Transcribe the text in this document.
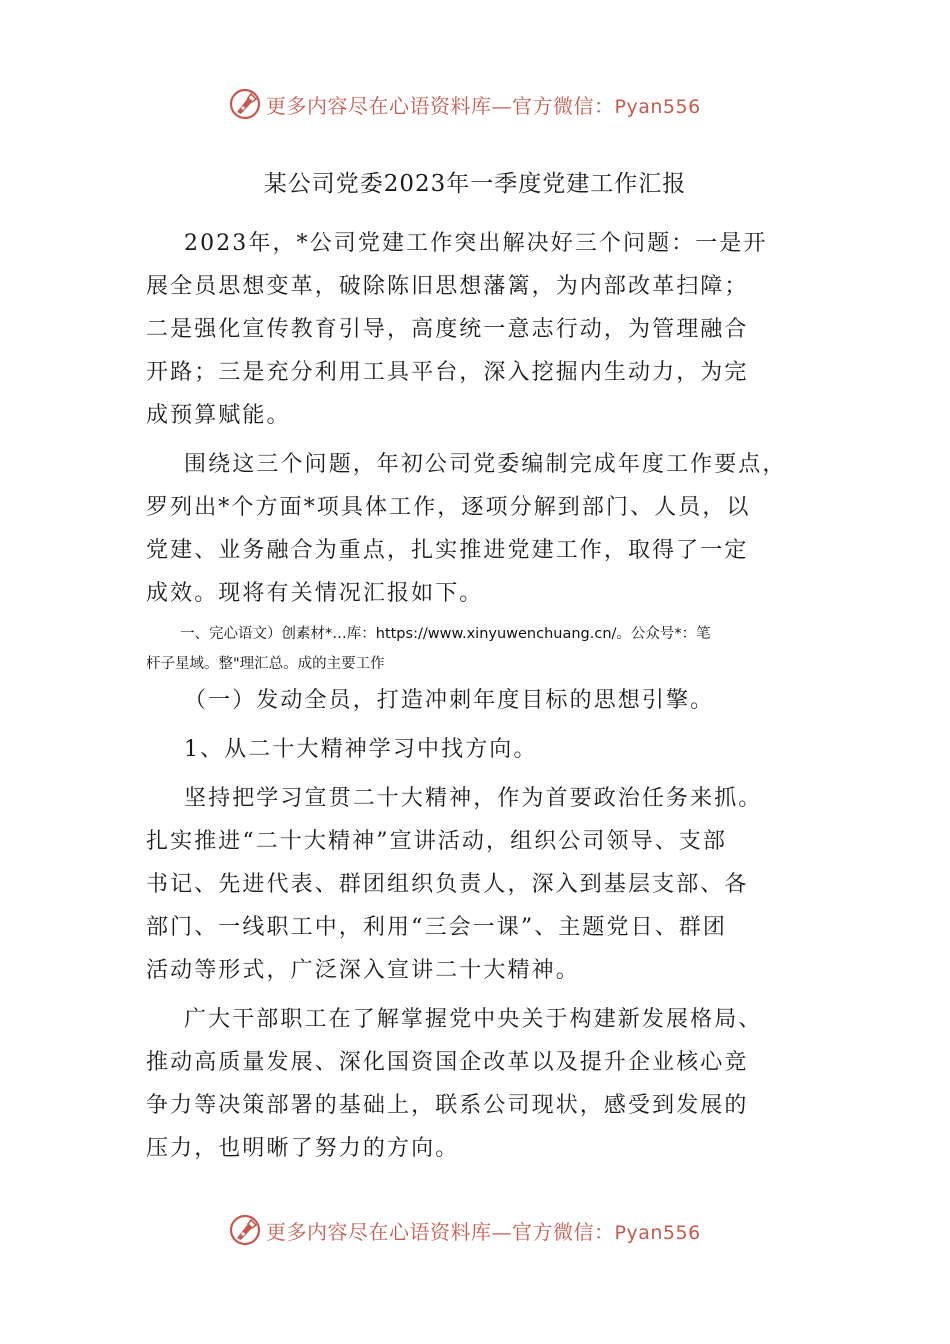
更多内容尽在心语资料库—官方微信：Pyan556
某公司党委2023年一季度党建工作汇报

2023年，*公司党建工作突出解决好三个问题：一是开
展全员思想变革，破除陈旧思想藩篱，为内部改革扫障；
二是强化宣传教育引导，高度统一意志行动，为管理融合
开路；三是充分利用工具平台，深入挖掘内生动力，为完
成预算赋能。

围绕这三个问题，年初公司党委编制完成年度工作要点，
罗列出*个方面*项具体工作，逐项分解到部门、人员，以
党建、业务融合为重点，扎实推进党建工作，取得了一定
成效。现将有关情况汇报如下。

一、完心语文）创素材*…库：https://www.xinyuwenchuang.cn/。公众号*：笔
杆子星域。整"理汇总。成的主要工作

（一）发动全员，打造冲刺年度目标的思想引擎。

1、从二十大精神学习中找方向。

坚持把学习宣贯二十大精神，作为首要政治任务来抓。
扎实推进“二十大精神”宣讲活动，组织公司领导、支部
书记、先进代表、群团组织负责人，深入到基层支部、各
部门、一线职工中，利用“三会一课”、主题党日、群团
活动等形式，广泛深入宣讲二十大精神。

广大干部职工在了解掌握党中央关于构建新发展格局、
推动高质量发展、深化国资国企改革以及提升企业核心竞
争力等决策部署的基础上，联系公司现状，感受到发展的
压力，也明晰了努力的方向。

更多内容尽在心语资料库—官方微信：Pyan556
